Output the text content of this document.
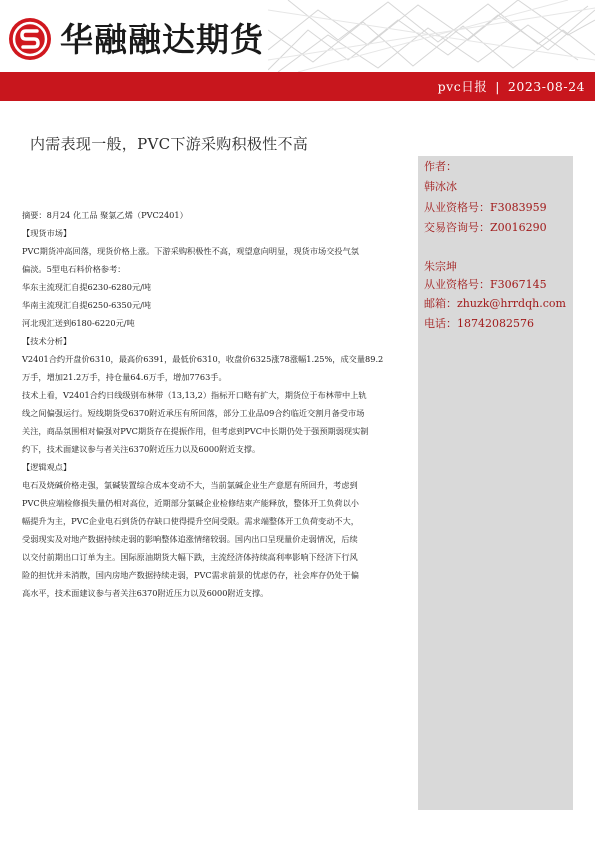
华融融达期货
pvc日报 | 2023-08-24
内需表现一般，PVC下游采购积极性不高
作者：
韩冰冰
从业资格号：F3083959
交易咨询号：Z0016290
朱宗坤
从业资格号：F3067145
邮箱：zhuzk@hrrdqh.com
电话：18742082576

摘要：8月24 化工品 聚氯乙烯（PVC2401）

【现货市场】

PVC期货冲高回落，现货价格上涨。下游采购积极性不高，观望意向明显，现货市场交投气氛

偏淡。5型电石料价格参考：

华东主流现汇自提6230-6280元/吨

华南主流现汇自提6250-6350元/吨

河北现汇送到6180-6220元/吨

【技术分析】

V2401合约开盘价6310，最高价6391，最低价6310，收盘价6325涨78涨幅1.25%，成交量89.2

万手，增加21.2万手，持仓量64.6万手，增加7763手。

技术上看，V2401合约日线级别布林带（13,13,2）指标开口略有扩大，期货位于布林带中上轨

线之间偏强运行。短线期货受6370附近承压有所回落，部分工业品09合约临近交割月备受市场

关注，商品氛围相对偏强对PVC期货存在提振作用，但考虑到PVC中长期仍处于强预期弱现实制

约下，技术面建议参与者关注6370附近压力以及6000附近支撑。

【逻辑观点】

电石及烧碱价格走强，氯碱装置综合成本变动不大，当前氯碱企业生产意愿有所回升，考虑到

PVC供应端检修损失量仍相对高位，近期部分氯碱企业检修结束产能释放，整体开工负荷以小

幅提升为主，PVC企业电石到货仍存缺口使得提升空间受限。需求端整体开工负荷变动不大，

受弱现实及对地产数据持续走弱的影响整体追涨情绪较弱。国内出口呈现量价走弱情况，后续

以交付前期出口订单为主。国际原油期货大幅下跌，主流经济体持续高利率影响下经济下行风

险的担忧并未消散，国内房地产数据持续走弱，PVC需求前景的忧虑仍存，社会库存仍处于偏

高水平，技术面建议参与者关注6370附近压力以及6000附近支撑。
